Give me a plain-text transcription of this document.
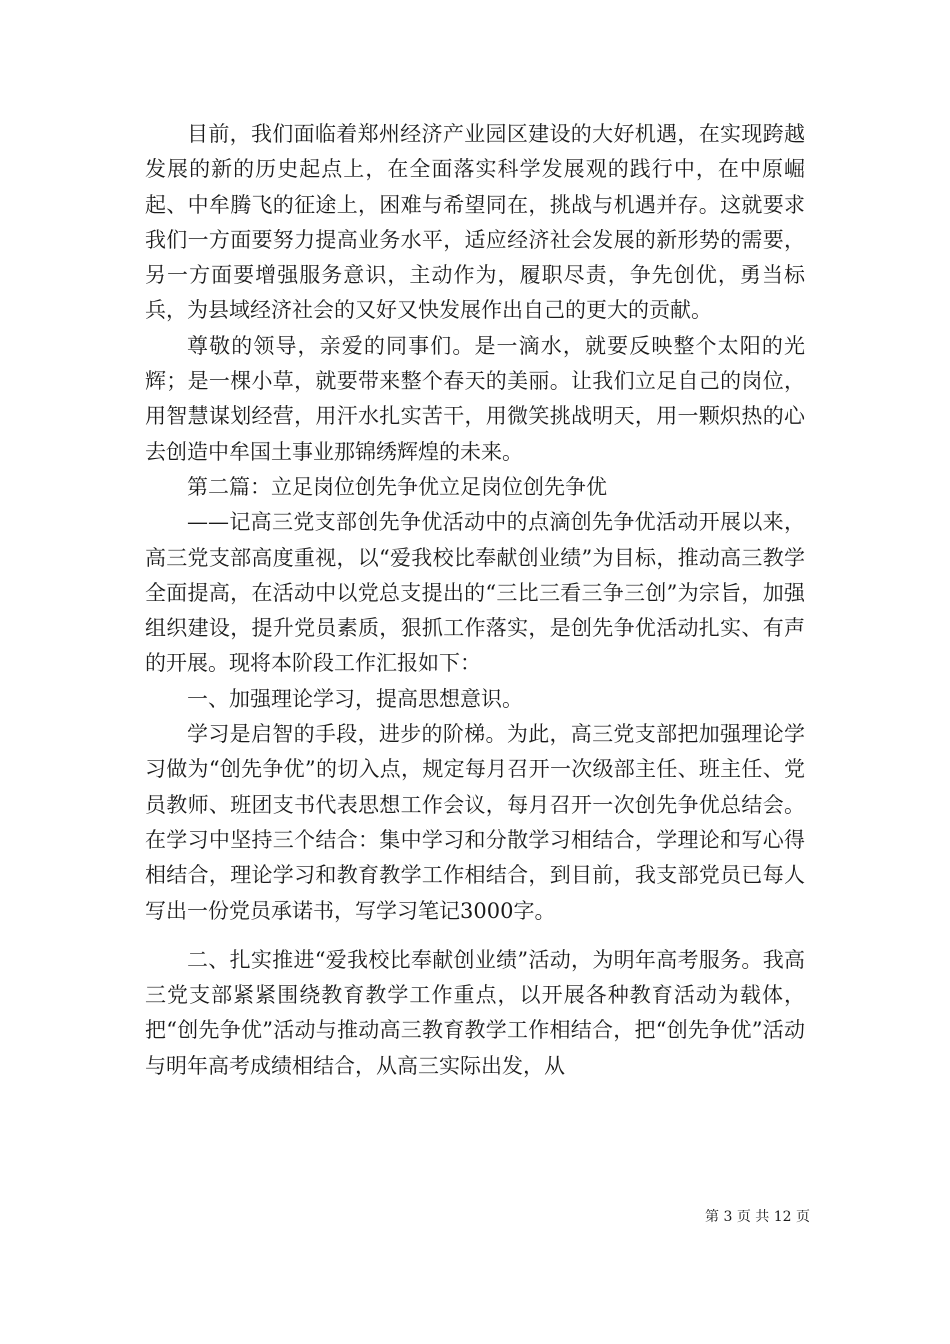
目前，我们面临着郑州经济产业园区建设的大好机遇，在实现跨越发展的新的历史起点上，在全面落实科学发展观的践行中，在中原崛起、中牟腾飞的征途上，困难与希望同在，挑战与机遇并存。这就要求我们一方面要努力提高业务水平，适应经济社会发展的新形势的需要，另一方面要增强服务意识，主动作为，履职尽责，争先创优，勇当标兵，为县域经济社会的又好又快发展作出自己的更大的贡献。

尊敬的领导，亲爱的同事们。是一滴水，就要反映整个太阳的光辉；是一棵小草，就要带来整个春天的美丽。让我们立足自己的岗位，用智慧谋划经营，用汗水扎实苦干，用微笑挑战明天，用一颗炽热的心去创造中牟国土事业那锦绣辉煌的未来。

第二篇：立足岗位创先争优立足岗位创先争优

——记高三党支部创先争优活动中的点滴创先争优活动开展以来，高三党支部高度重视，以“爱我校比奉献创业绩”为目标，推动高三教学全面提高，在活动中以党总支提出的“三比三看三争三创”为宗旨，加强组织建设，提升党员素质，狠抓工作落实，是创先争优活动扎实、有声的开展。现将本阶段工作汇报如下：

一、加强理论学习，提高思想意识。

学习是启智的手段，进步的阶梯。为此，高三党支部把加强理论学习做为“创先争优”的切入点，规定每月召开一次级部主任、班主任、党员教师、班团支书代表思想工作会议，每月召开一次创先争优总结会。在学习中坚持三个结合：集中学习和分散学习相结合，学理论和写心得相结合，理论学习和教育教学工作相结合，到目前，我支部党员已每人写出一份党员承诺书，写学习笔记3000字。

二、扎实推进“爱我校比奉献创业绩”活动，为明年高考服务。我高三党支部紧紧围绕教育教学工作重点，以开展各种教育活动为载体，把“创先争优”活动与推动高三教育教学工作相结合，把“创先争优”活动与明年高考成绩相结合，从高三实际出发，从

第 3 页 共 12 页
